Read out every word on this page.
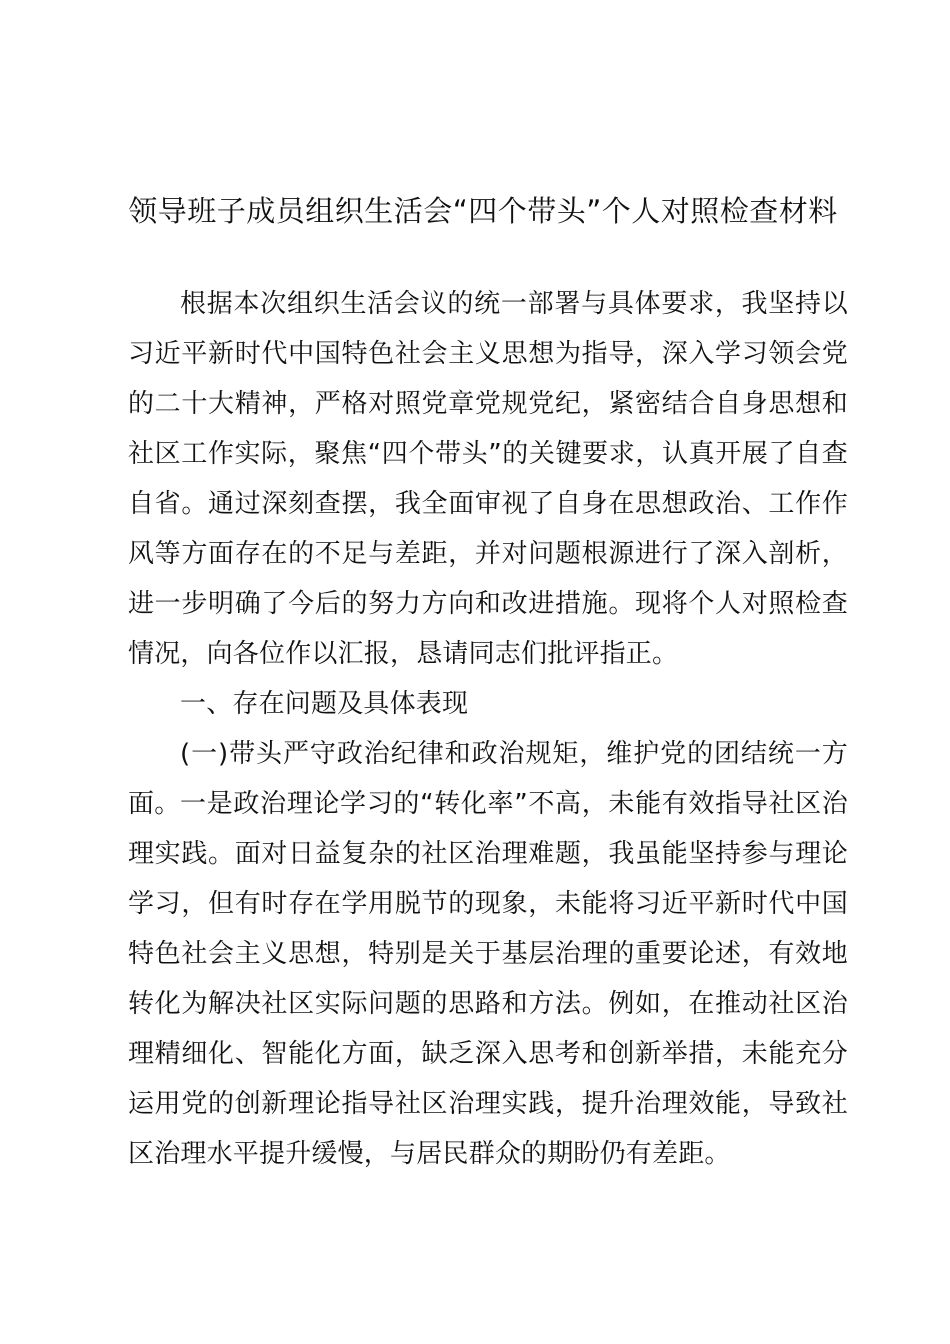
领导班子成员组织生活会“四个带头”个人对照检查材料
根据本次组织生活会议的统一部署与具体要求，我坚持以习近平新时代中国特色社会主义思想为指导，深入学习领会党的二十大精神，严格对照党章党规党纪，紧密结合自身思想和社区工作实际，聚焦“四个带头”的关键要求，认真开展了自查自省。通过深刻查摆，我全面审视了自身在思想政治、工作作风等方面存在的不足与差距，并对问题根源进行了深入剖析，进一步明确了今后的努力方向和改进措施。现将个人对照检查情况，向各位作以汇报，恳请同志们批评指正。
一、存在问题及具体表现
(一)带头严守政治纪律和政治规矩，维护党的团结统一方面。 一是政治理论学习的“转化率”不高，未能有效指导社区治理实践。面对日益复杂的社区治理难题，我虽能坚持参与理论学习，但有时存在学用脱节的现象，未能将习近平新时代中国特色社会主义思想，特别是关于基层治理的重要论述，有效地转化为解决社区实际问题的思路和方法。例如，在推动社区治理精细化、智能化方面，缺乏深入思考和创新举措，未能充分运用党的创新理论指导社区治理实践，提升治理效能，导致社区治理水平提升缓慢，与居民群众的期盼仍有差距。
